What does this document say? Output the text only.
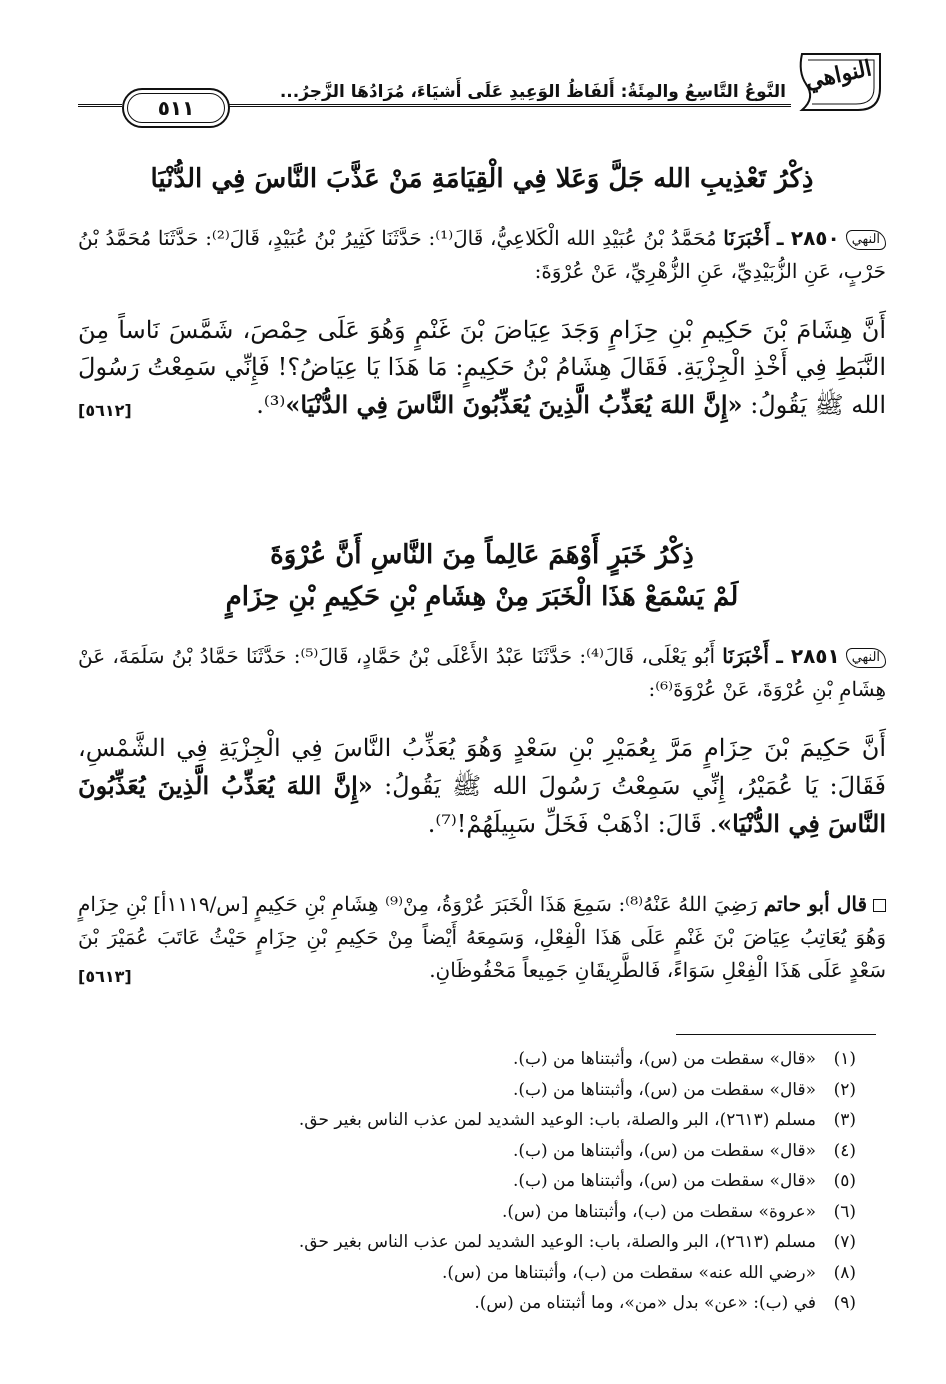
النواهي
النَّوعُ التَّاسِعُ والمِئَةُ: أَلفَاظُ الوَعِيدِ عَلَى أَشيَاءَ، مُرَادُهَا الزَّجرُ...
٥١١
ذِكْرُ تَعْذِيبِ الله جَلَّ وَعَلا فِي الْقِيَامَةِ مَنْ عَذَّبَ النَّاسَ فِي الدُّنْيَا
النهي٢٨٥٠ ـ أَخْبَرَنَا مُحَمَّدُ بْنُ عُبَيْدِ الله الْكَلاعِيُّ، قَالَ⁽¹⁾: حَدَّثَنَا كَثِيرُ بْنُ عُبَيْدٍ، قَالَ⁽²⁾: حَدَّثَنَا مُحَمَّدُ بْنُ حَرْبٍ، عَنِ الزُّبَيْدِيِّ، عَنِ الزُّهْرِيِّ، عَنْ عُرْوَةَ:
أَنَّ هِشَامَ بْنَ حَكِيمِ بْنِ حِزَامٍ وَجَدَ عِيَاضَ بْنَ غَنْمٍ وَهُوَ عَلَى حِمْصَ، شَمَّسَ نَاساً مِنَ النَّبَطِ فِي أَخْذِ الْجِزْيَةِ. فَقَالَ هِشَامُ بْنُ حَكِيمٍ: مَا هَذَا يَا عِيَاضُ؟! فَإِنِّي سَمِعْتُ رَسُولَ الله ﷺ يَقُولُ: «إِنَّ اللهَ يُعَذِّبُ الَّذِينَ يُعَذِّبُونَ النَّاسَ فِي الدُّنْيَا»⁽³⁾.
[٥٦١٢]
ذِكْرُ خَبَرٍ أَوْهَمَ عَالِماً مِنَ النَّاسِ أَنَّ عُرْوَةَ
لَمْ يَسْمَعْ هَذَا الْخَبَرَ مِنْ هِشَامِ بْنِ حَكِيمِ بْنِ حِزَامٍ
النهي٢٨٥١ ـ أَخْبَرَنَا أَبُو يَعْلَى، قَالَ⁽⁴⁾: حَدَّثَنَا عَبْدُ الأَعْلَى بْنُ حَمَّادٍ، قَالَ⁽⁵⁾: حَدَّثَنَا حَمَّادُ بْنُ سَلَمَةَ، عَنْ هِشَامِ بْنِ عُرْوَةَ، عَنْ عُرْوَةَ⁽⁶⁾:
أَنَّ حَكِيمَ بْنَ حِزَامٍ مَرَّ بِعُمَيْرِ بْنِ سَعْدٍ وَهُوَ يُعَذِّبُ النَّاسَ فِي الْجِزْيَةِ فِي الشَّمْسِ، فَقَالَ: يَا عُمَيْرُ، إِنِّي سَمِعْتُ رَسُولَ الله ﷺ يَقُولُ: «إِنَّ اللهَ يُعَذِّبُ الَّذِينَ يُعَذِّبُونَ النَّاسَ فِي الدُّنْيَا». قَالَ: اذْهَبْ فَخَلِّ سَبِيلَهُمْ!⁽⁷⁾.
قال أبو حاتم رَضِيَ اللهُ عَنْهُ⁽⁸⁾: سَمِعَ هَذَا الْخَبَرَ عُرْوَةُ، مِنْ⁽⁹⁾ هِشَامِ بْنِ حَكِيمٍ [س/١١١٩أ] بْنِ حِزَامٍ وَهُوَ يُعَاتِبُ عِيَاضَ بْنَ غَنْمٍ عَلَى هَذَا الْفِعْلِ، وَسَمِعَهُ أَيْضاً مِنْ حَكِيمِ بْنِ حِزَامٍ حَيْثُ عَاتَبَ عُمَيْرَ بْنَ سَعْدٍ عَلَى هَذَا الْفِعْلِ سَوَاءً، فَالطَّرِيقَانِ جَمِيعاً مَحْفُوظَانِ.
[٥٦١٣]
(١)«قال» سقطت من (س)، وأثبتناها من (ب).
(٢)«قال» سقطت من (س)، وأثبتناها من (ب).
(٣)مسلم (٢٦١٣)، البر والصلة، باب: الوعيد الشديد لمن عذب الناس بغير حق.
(٤)«قال» سقطت من (س)، وأثبتناها من (ب).
(٥)«قال» سقطت من (س)، وأثبتناها من (ب).
(٦)«عروة» سقطت من (ب)، وأثبتناها من (س).
(٧)مسلم (٢٦١٣)، البر والصلة، باب: الوعيد الشديد لمن عذب الناس بغير حق.
(٨)«رضي الله عنه» سقطت من (ب)، وأثبتناها من (س).
(٩)في (ب): «عن» بدل «من»، وما أثبتناه من (س).
